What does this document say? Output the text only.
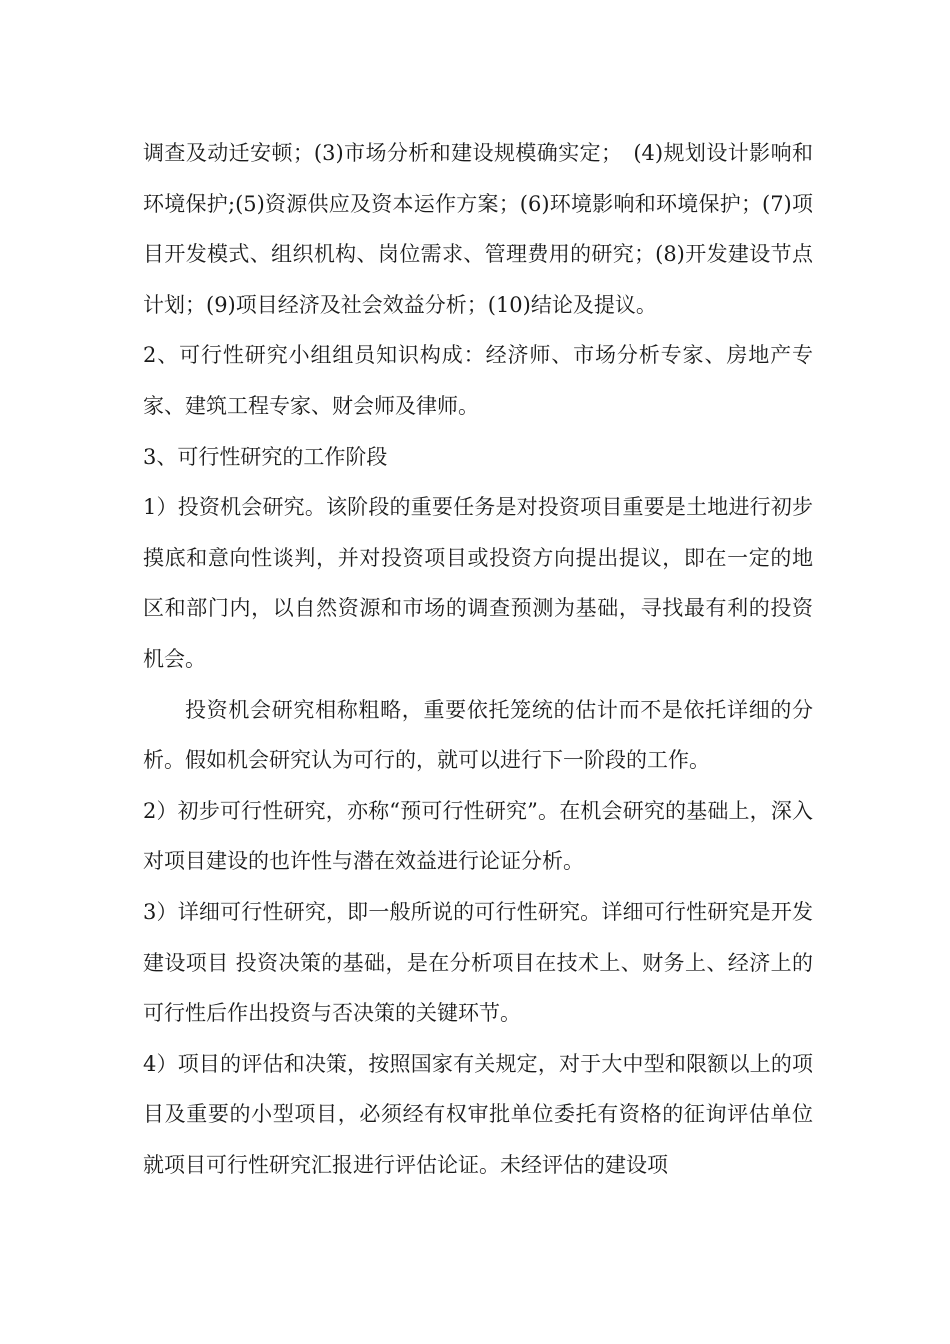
调查及动迁安顿；(3)市场分析和建设规模确实定；　(4)规划设计影响和环境保护;(5)资源供应及资本运作方案；(6)环境影响和环境保护；(7)项目开发模式、组织机构、岗位需求、管理费用的研究；(8)开发建设节点计划；(9)项目经济及社会效益分析；(10)结论及提议。

2、可行性研究小组组员知识构成：经济师、市场分析专家、房地产专家、建筑工程专家、财会师及律师。

3、可行性研究的工作阶段

1）投资机会研究。该阶段的重要任务是对投资项目重要是土地进行初步摸底和意向性谈判，并对投资项目或投资方向提出提议，即在一定的地区和部门内，以自然资源和市场的调查预测为基础，寻找最有利的投资机会。

投资机会研究相称粗略，重要依托笼统的估计而不是依托详细的分析。假如机会研究认为可行的，就可以进行下一阶段的工作。

2）初步可行性研究，亦称“预可行性研究”。在机会研究的基础上，深入对项目建设的也许性与潜在效益进行论证分析。

3）详细可行性研究，即一般所说的可行性研究。详细可行性研究是开发建设项目 投资决策的基础，是在分析项目在技术上、财务上、经济上的可行性后作出投资与否决策的关键环节。

4）项目的评估和决策，按照国家有关规定，对于大中型和限额以上的项目及重要的小型项目，必须经有权审批单位委托有资格的征询评估单位就项目可行性研究汇报进行评估论证。未经评估的建设项
